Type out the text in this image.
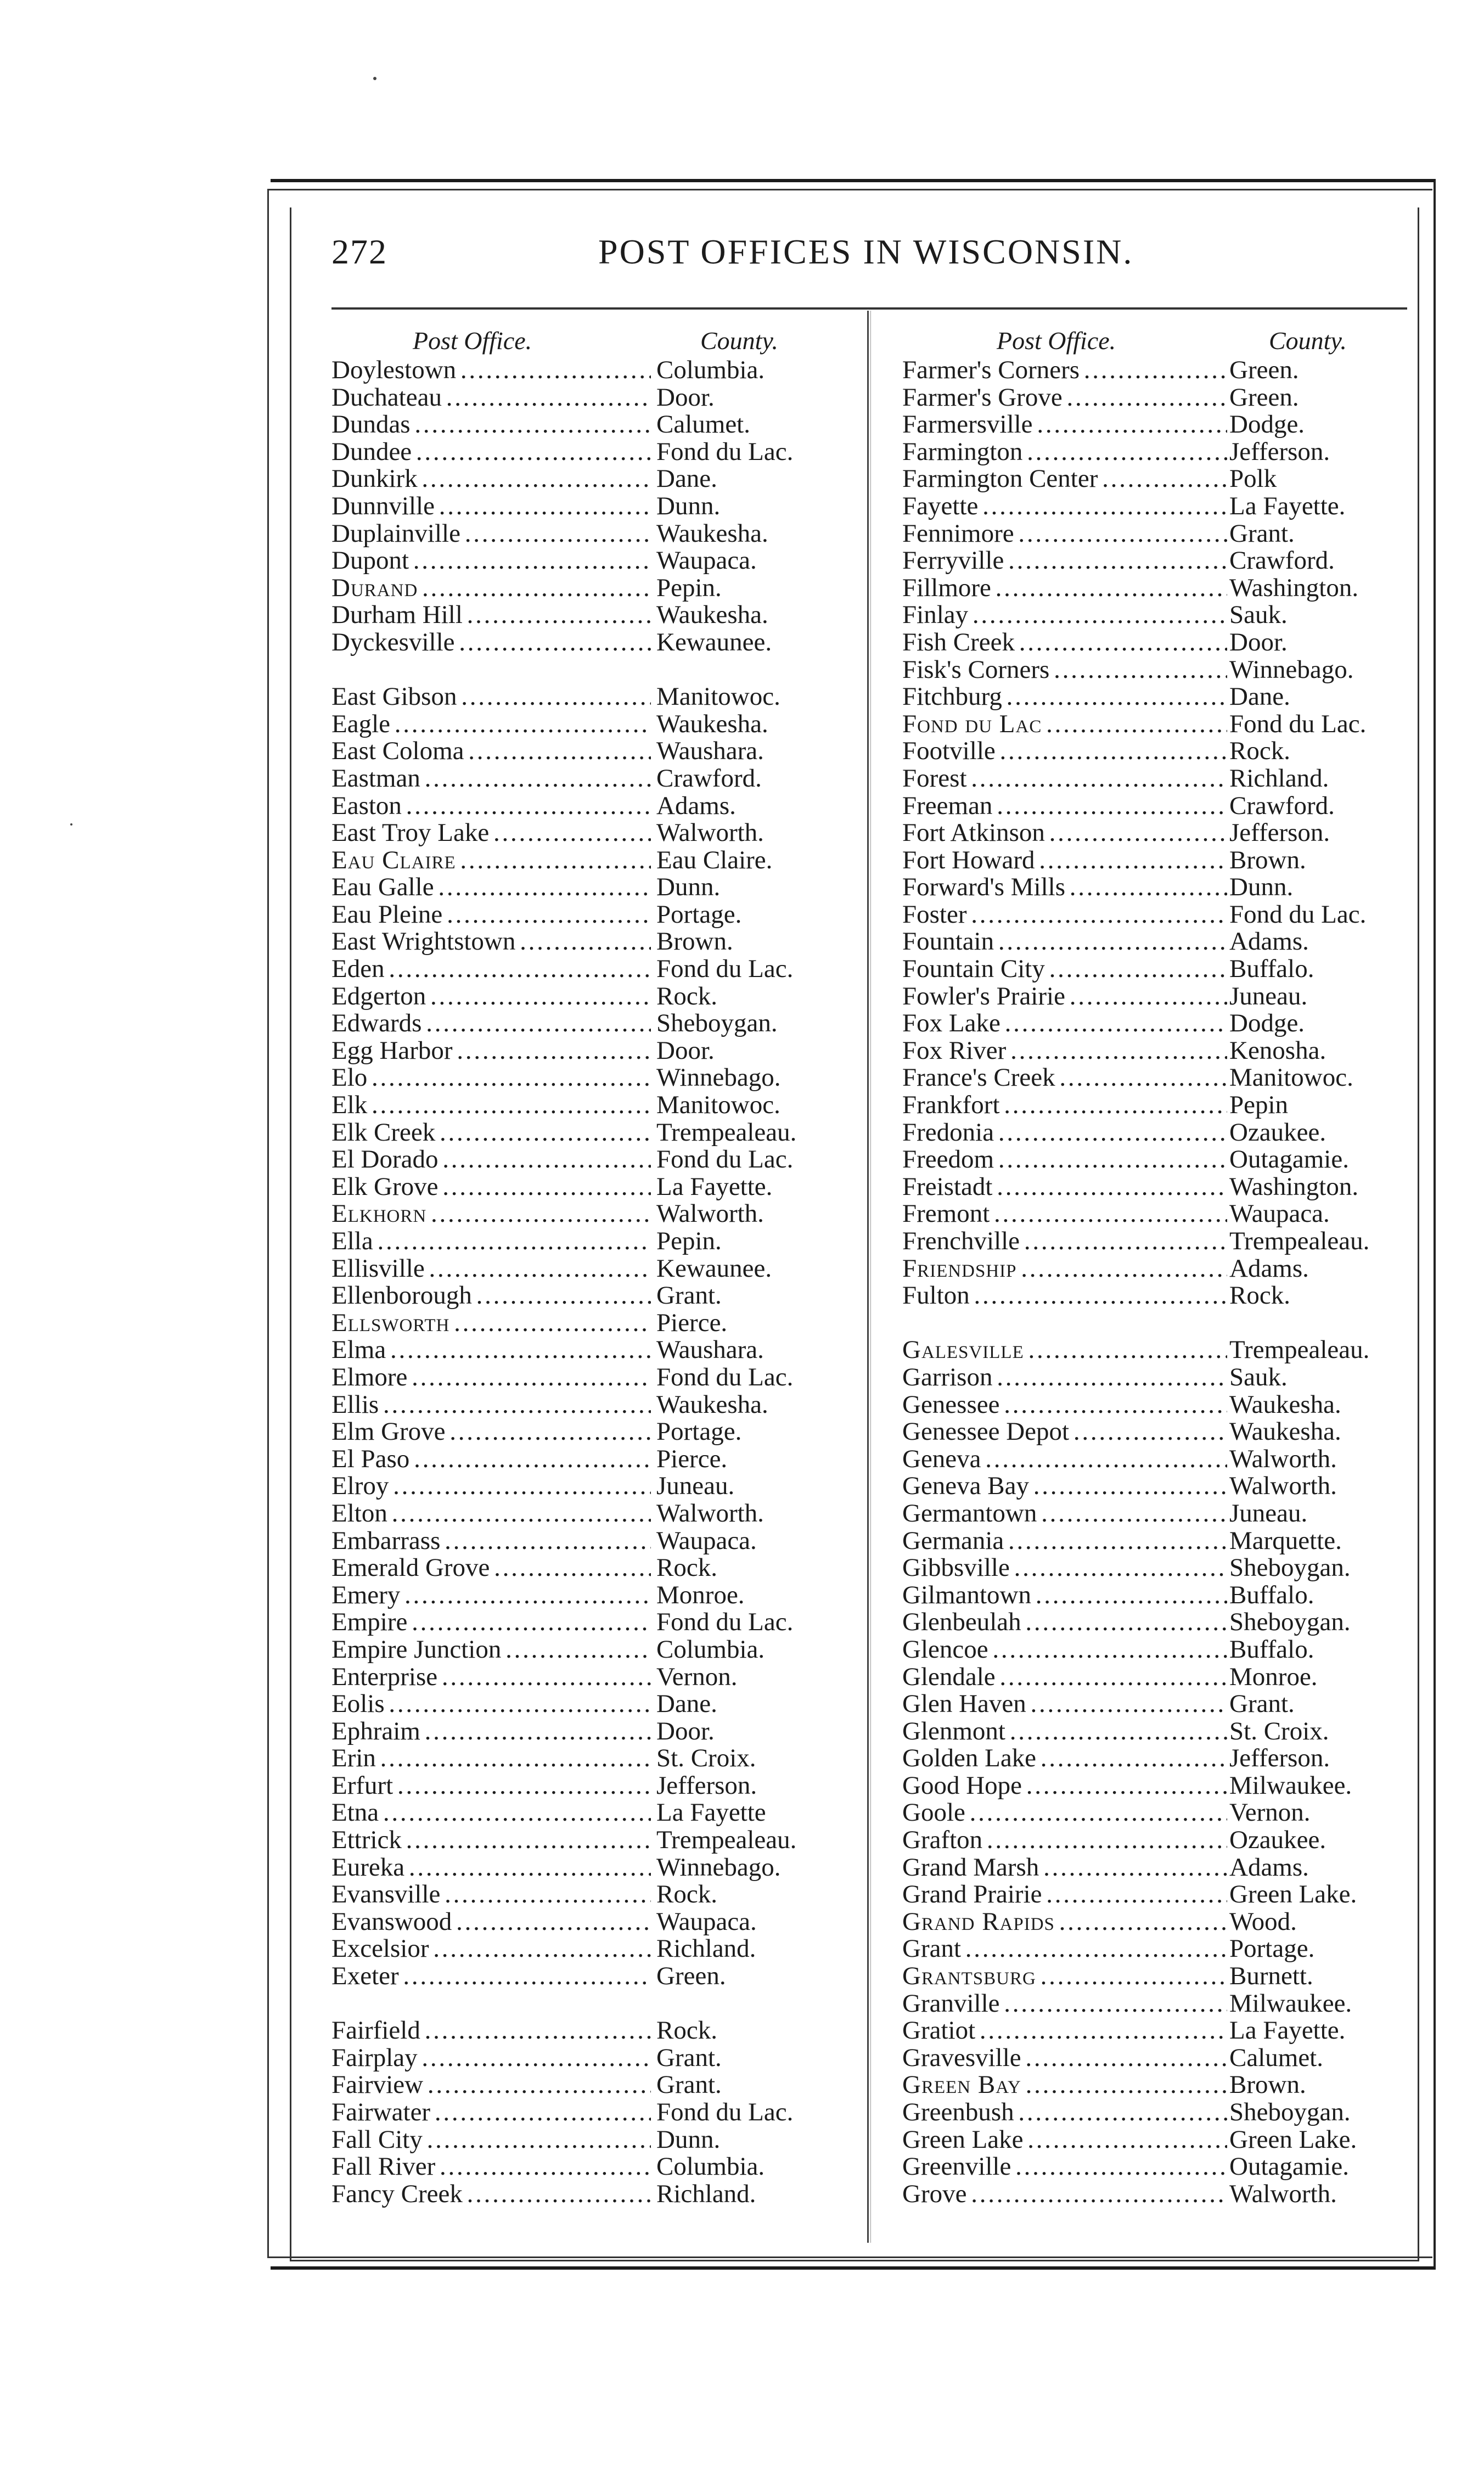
272	POST OFFICES IN WISCONSIN.
Post Office.	County.
Doylestown . . .	Columbia.
Duchateau . . .	Door.
Dundas . . .	Calumet.
Dundee . . .	Fond du Lac.
Dunkirk . . .	Dane.
Dunnville . . .	Dunn.
Duplainville . . .	Waukesha.
Dupont . . .	Waupaca.
Durand . . .	Pepin.
Durham Hill . . .	Waukesha.
Dyckesville . . .	Kewaunee.
East Gibson . . .	Manitowoc.
Eagle . . .	Waukesha.
East Coloma . . .	Waushara.
Eastman . . .	Crawford.
Easton . . .	Adams.
East Troy Lake . . .	Walworth.
Eau Claire . . .	Eau Claire.
Eau Galle . . .	Dunn.
Eau Pleine . . .	Portage.
East Wrightstown . . .	Brown.
Eden . . .	Fond du Lac.
Edgerton . . .	Rock.
Edwards . . .	Sheboygan.
Egg Harbor . . .	Door.
Elo . . .	Winnebago.
Elk . . .	Manitowoc.
Elk Creek . . .	Trempealeau.
El Dorado . . .	Fond du Lac.
Elk Grove . . .	La Fayette.
Elkhorn . . .	Walworth.
Ella . . .	Pepin.
Ellisville . . .	Kewaunee.
Ellenborough . . .	Grant.
Ellsworth . . .	Pierce.
Elma . . .	Waushara.
Elmore . . .	Fond du Lac.
Ellis . . .	Waukesha.
Elm Grove . . .	Portage.
El Paso . . .	Pierce.
Elroy . . .	Juneau.
Elton . . .	Walworth.
Embarrass . . .	Waupaca.
Emerald Grove . . .	Rock.
Emery . . .	Monroe.
Empire . . .	Fond du Lac.
Empire Junction . . .	Columbia.
Enterprise . . .	Vernon.
Eolis . . .	Dane.
Ephraim . . .	Door.
Erin . . .	St. Croix.
Erfurt . . .	Jefferson.
Etna . . .	La Fayette
Ettrick . . .	Trempealeau.
Eureka . . .	Winnebago.
Evansville . . .	Rock.
Evanswood . . .	Waupaca.
Excelsior . . .	Richland.
Exeter . . .	Green.
Fairfield . . .	Rock.
Fairplay . . .	Grant.
Fairview . . .	Grant.
Fairwater . . .	Fond du Lac.
Fall City . . .	Dunn.
Fall River . . .	Columbia.
Fancy Creek . . .	Richland.
Post Office.	County.
Farmer's Corners . . .	Green.
Farmer's Grove . . .	Green.
Farmersville . . .	Dodge.
Farmington . . .	Jefferson.
Farmington Center . . .	Polk
Fayette . . .	La Fayette.
Fennimore . . .	Grant.
Ferryville . . .	Crawford.
Fillmore . . .	Washington.
Finlay . . .	Sauk.
Fish Creek . . .	Door.
Fisk's Corners . . .	Winnebago.
Fitchburg . . .	Dane.
Fond du Lac . . .	Fond du Lac.
Footville . . .	Rock.
Forest . . .	Richland.
Freeman . . .	Crawford.
Fort Atkinson . . .	Jefferson.
Fort Howard . . .	Brown.
Forward's Mills . . .	Dunn.
Foster . . .	Fond du Lac.
Fountain . . .	Adams.
Fountain City . . .	Buffalo.
Fowler's Prairie . . .	Juneau.
Fox Lake . . .	Dodge.
Fox River . . .	Kenosha.
France's Creek . . .	Manitowoc.
Frankfort . . .	Pepin
Fredonia . . .	Ozaukee.
Freedom . . .	Outagamie.
Freistadt . . .	Washington.
Fremont . . .	Waupaca.
Frenchville . . .	Trempealeau.
Friendship . . .	Adams.
Fulton . . .	Rock.
Galesville . . .	Trempealeau.
Garrison . . .	Sauk.
Genessee . . .	Waukesha.
Genessee Depot . . .	Waukesha.
Geneva . . .	Walworth.
Geneva Bay . . .	Walworth.
Germantown . . .	Juneau.
Germania . . .	Marquette.
Gibbsville . . .	Sheboygan.
Gilmantown . . .	Buffalo.
Glenbeulah . . .	Sheboygan.
Glencoe . . .	Buffalo.
Glendale . . .	Monroe.
Glen Haven . . .	Grant.
Glenmont . . .	St. Croix.
Golden Lake . . .	Jefferson.
Good Hope . . .	Milwaukee.
Goole . . .	Vernon.
Grafton . . .	Ozaukee.
Grand Marsh . . .	Adams.
Grand Prairie . . .	Green Lake.
Grand Rapids . . .	Wood.
Grant . . .	Portage.
Grantsburg . . .	Burnett.
Granville . . .	Milwaukee.
Gratiot . . .	La Fayette.
Gravesville . . .	Calumet.
Green Bay . . .	Brown.
Greenbush . . .	Sheboygan.
Green Lake . . .	Green Lake.
Greenville . . .	Outagamie.
Grove . . .	Walworth.
